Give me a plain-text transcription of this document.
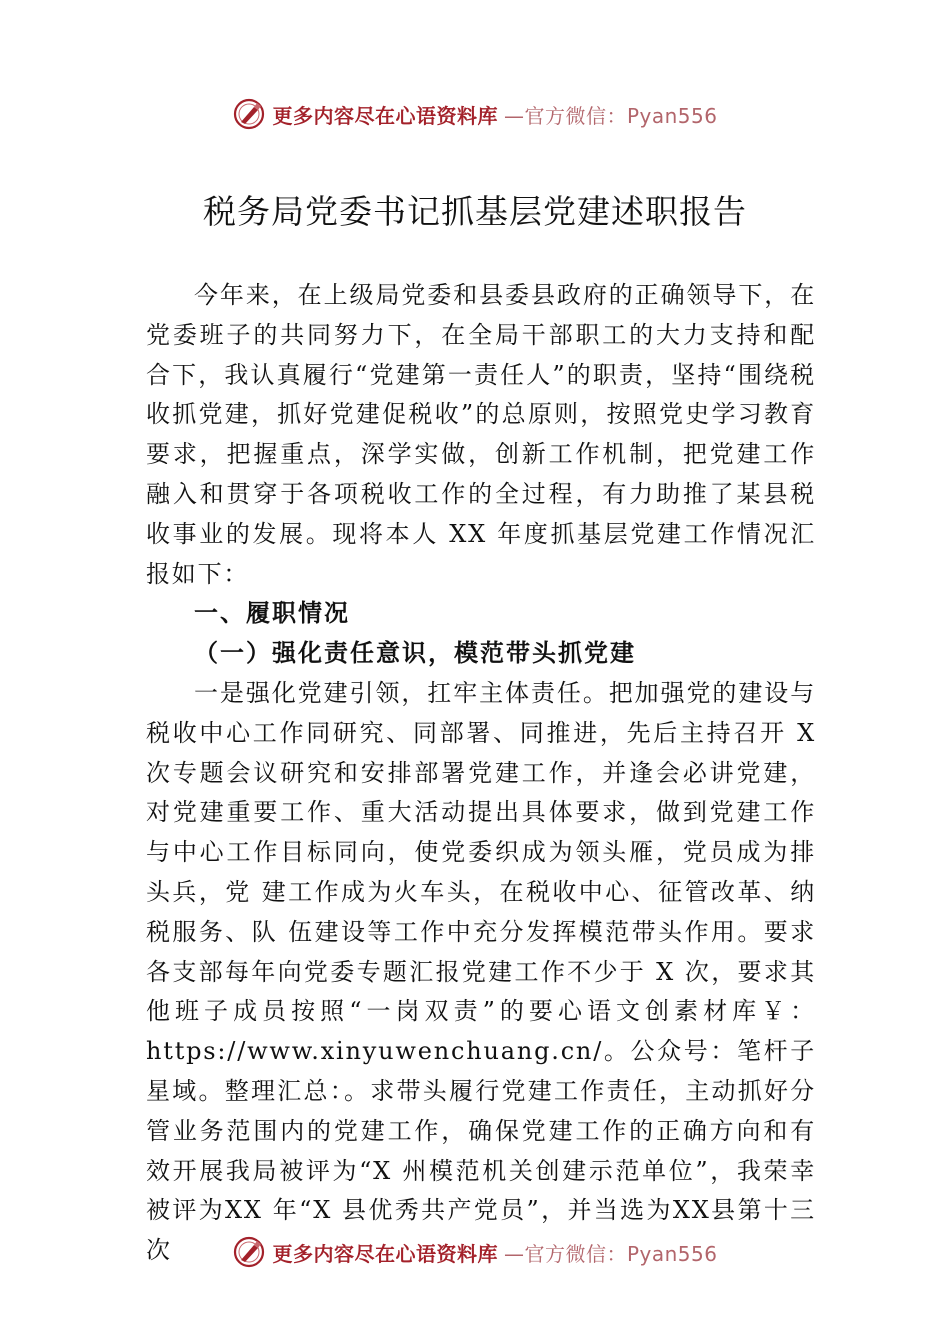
更多内容尽在心语资料库 —官方微信：Pyan556
税务局党委书记抓基层党建述职报告

今年来，在上级局党委和县委县政府的正确领导下，在党委班子的共同努力下，在全局干部职工的大力支持和配合下，我认真履行“党建第一责任人”的职责，坚持“围绕税收抓党建，抓好党建促税收”的总原则，按照党史学习教育要求，把握重点，深学实做，创新工作机制，把党建工作融入和贯穿于各项税收工作的全过程，有力助推了某县税收事业的发展。现将本人 XX 年度抓基层党建工作情况汇报如下：

一、履职情况
（一）强化责任意识，模范带头抓党建

一是强化党建引领，扛牢主体责任。把加强党的建设与税收中心工作同研究、同部署、同推进，先后主持召开 X 次专题会议研究和安排部署党建工作，并逢会必讲党建，对党建重要工作、重大活动提出具体要求，做到党建工作与中心工作目标同向，使党委织成为领头雁，党员成为排头兵，党 建工作成为火车头，在税收中心、征管改革、纳税服务、队 伍建设等工作中充分发挥模范带头作用。要求各支部每年向党委专题汇报党建工作不少于 X 次，要求其他班子成员按照“一岗双责”的要心语文创素材库￥：https://www.xinyuwenchuang.cn/。公众号：笔杆子星域。整理汇总：。求带头履行党建工作责任，主动抓好分管业务范围内的党建工作，确保党建工作的正确方向和有效开展我局被评为“X 州模范机关创建示范单位”，我荣幸被评为XX 年“X 县优秀共产党员”，并当选为XX县第十三次	更多内容尽在心语资料库 —官方微信：Pyan556
